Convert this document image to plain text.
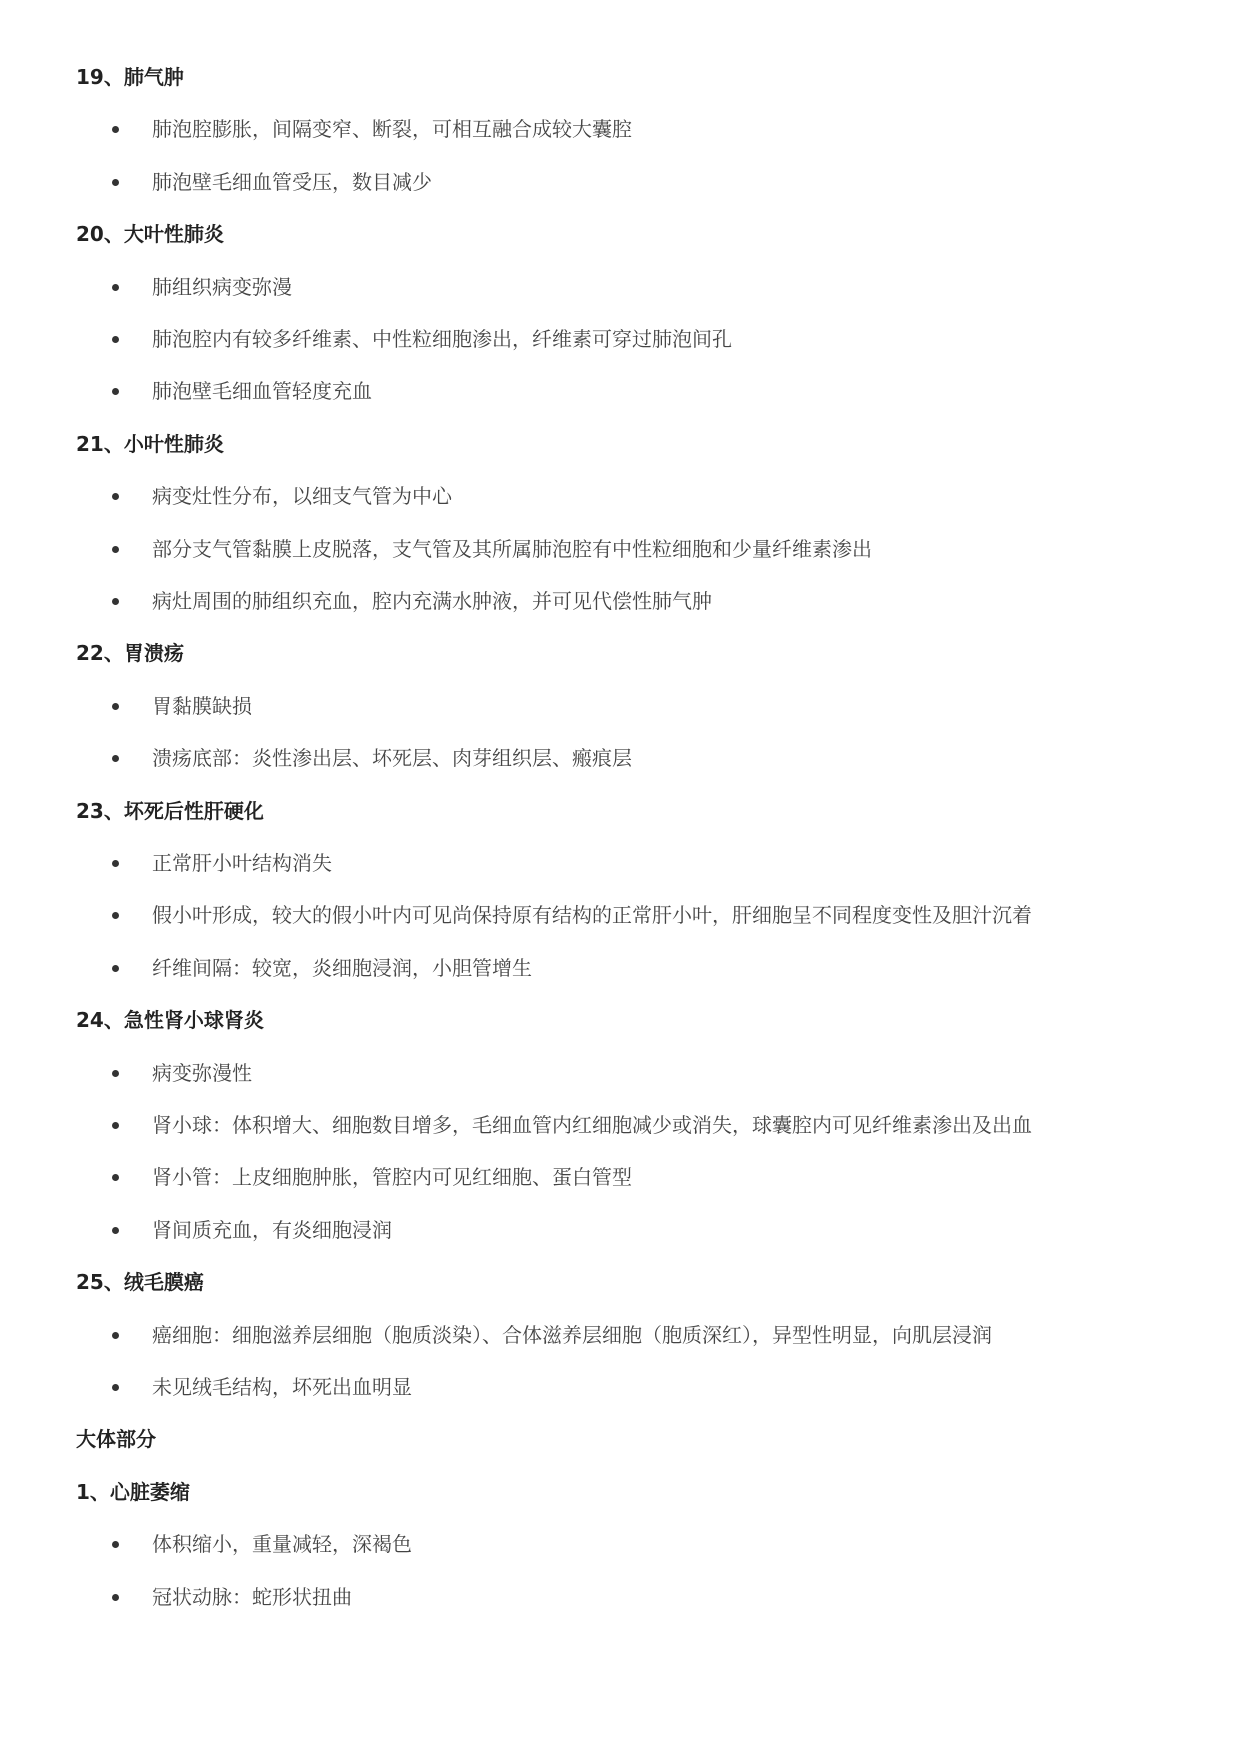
19、肺气肿
肺泡腔膨胀，间隔变窄、断裂，可相互融合成较大囊腔
肺泡壁毛细血管受压，数目减少
20、大叶性肺炎
肺组织病变弥漫
肺泡腔内有较多纤维素、中性粒细胞渗出，纤维素可穿过肺泡间孔
肺泡壁毛细血管轻度充血
21、小叶性肺炎
病变灶性分布，以细支气管为中心
部分支气管黏膜上皮脱落，支气管及其所属肺泡腔有中性粒细胞和少量纤维素渗出
病灶周围的肺组织充血，腔内充满水肿液，并可见代偿性肺气肿
22、胃溃疡
胃黏膜缺损
溃疡底部：炎性渗出层、坏死层、肉芽组织层、瘢痕层
23、坏死后性肝硬化
正常肝小叶结构消失
假小叶形成，较大的假小叶内可见尚保持原有结构的正常肝小叶，肝细胞呈不同程度变性及胆汁沉着
纤维间隔：较宽，炎细胞浸润，小胆管增生
24、急性肾小球肾炎
病变弥漫性
肾小球：体积增大、细胞数目增多，毛细血管内红细胞减少或消失，球囊腔内可见纤维素渗出及出血
肾小管：上皮细胞肿胀，管腔内可见红细胞、蛋白管型
肾间质充血，有炎细胞浸润
25、绒毛膜癌
癌细胞：细胞滋养层细胞（胞质淡染）、合体滋养层细胞（胞质深红），异型性明显，向肌层浸润
未见绒毛结构，坏死出血明显
大体部分
1、心脏萎缩
体积缩小，重量减轻，深褐色
冠状动脉：蛇形状扭曲
